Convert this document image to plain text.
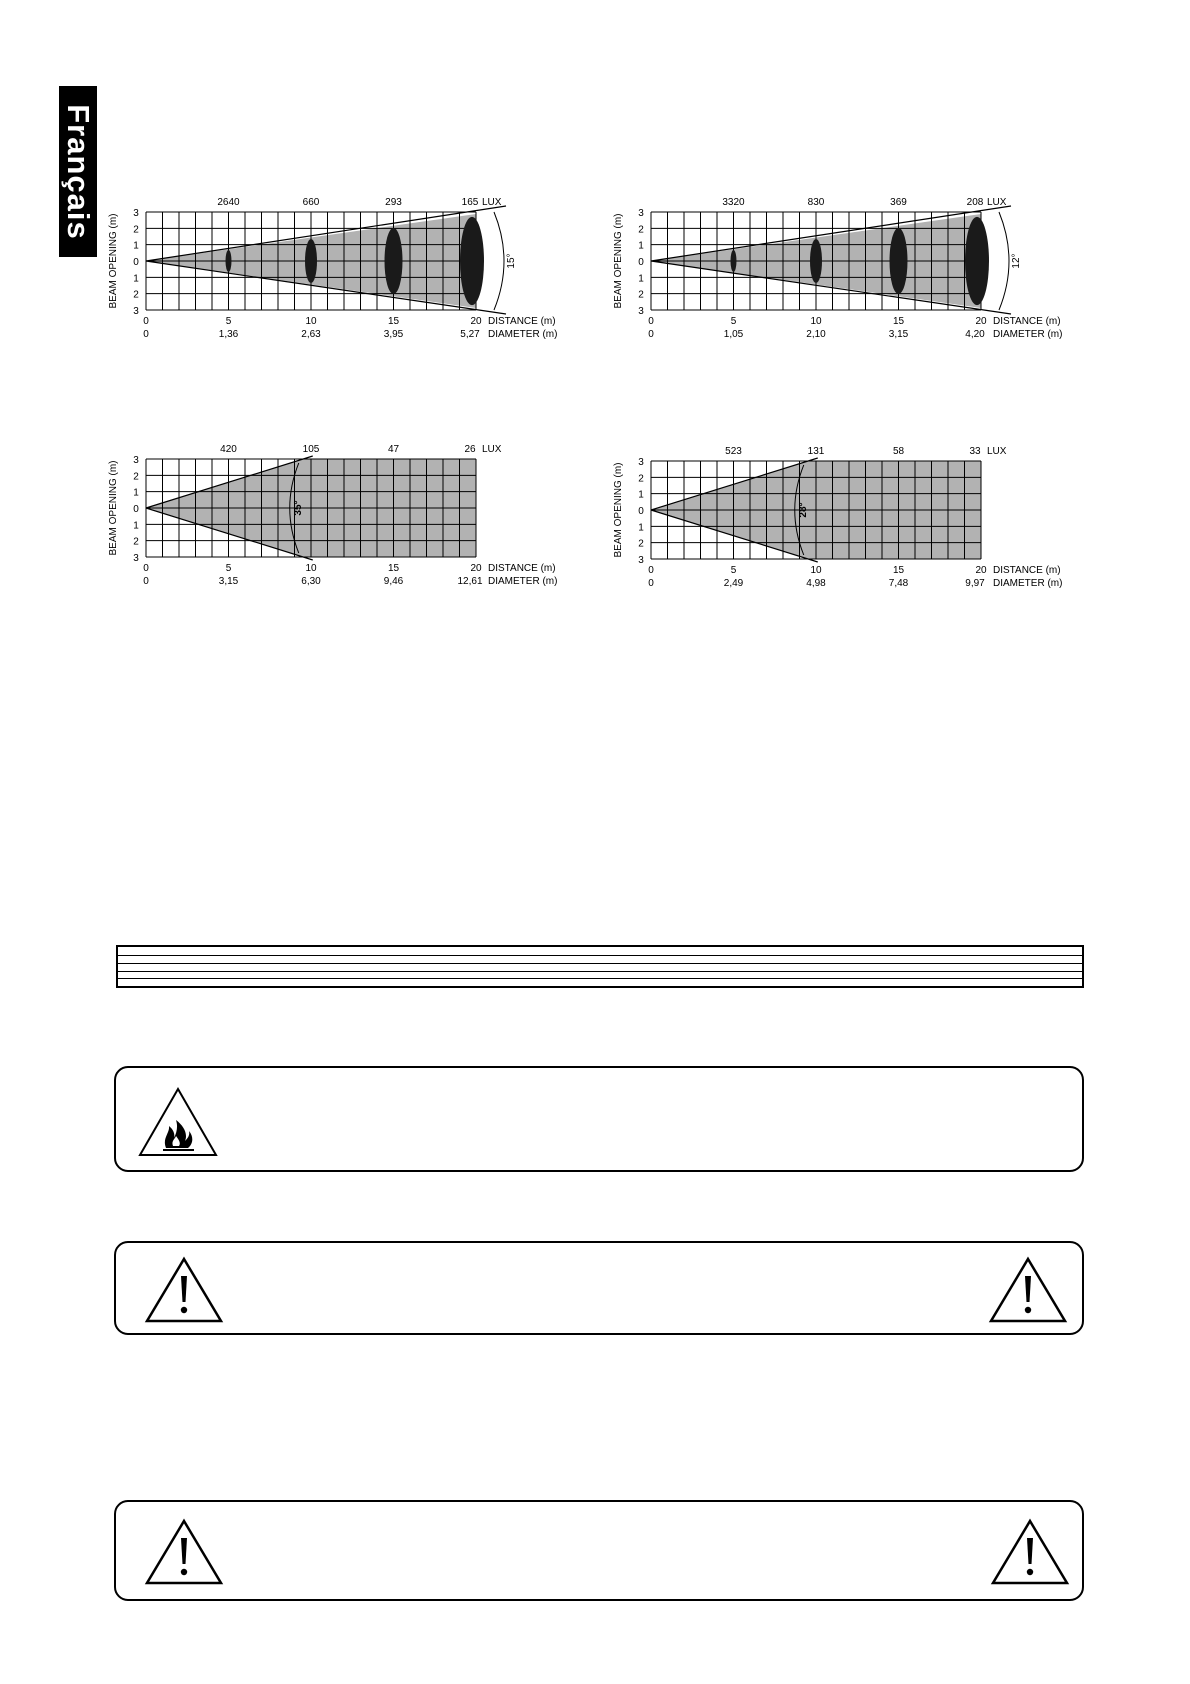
Français
15°
BEAM OPENING (m) 3
2
1
0
1
2
3
2640	660	293	165 LUX
0	5	10	15	20 DISTANCE (m)
0	1,36	2,63	3,95	5,27 DIAMETER (m)
12°
BEAM OPENING (m) 3
2
1
0
1
2
3
3320	830	369	208 LUX
0	5	10	15	20 DISTANCE (m)
0	1,05	2,10	3,15	4,20 DIAMETER (m)
35°
BEAM OPENING (m) 3
2
1
0
1
2
3
420	105	47	26 LUX
0	5	10	15	20 DISTANCE (m)
0	3,15	6,30	9,46	12,61 DIAMETER (m)
28°
BEAM OPENING (m) 3
2
1
0
1
2
3
523	131	58	33 LUX
0	5	10	15	20 DISTANCE (m)
0	2,49	4,98	7,48	9,97 DIAMETER (m)
